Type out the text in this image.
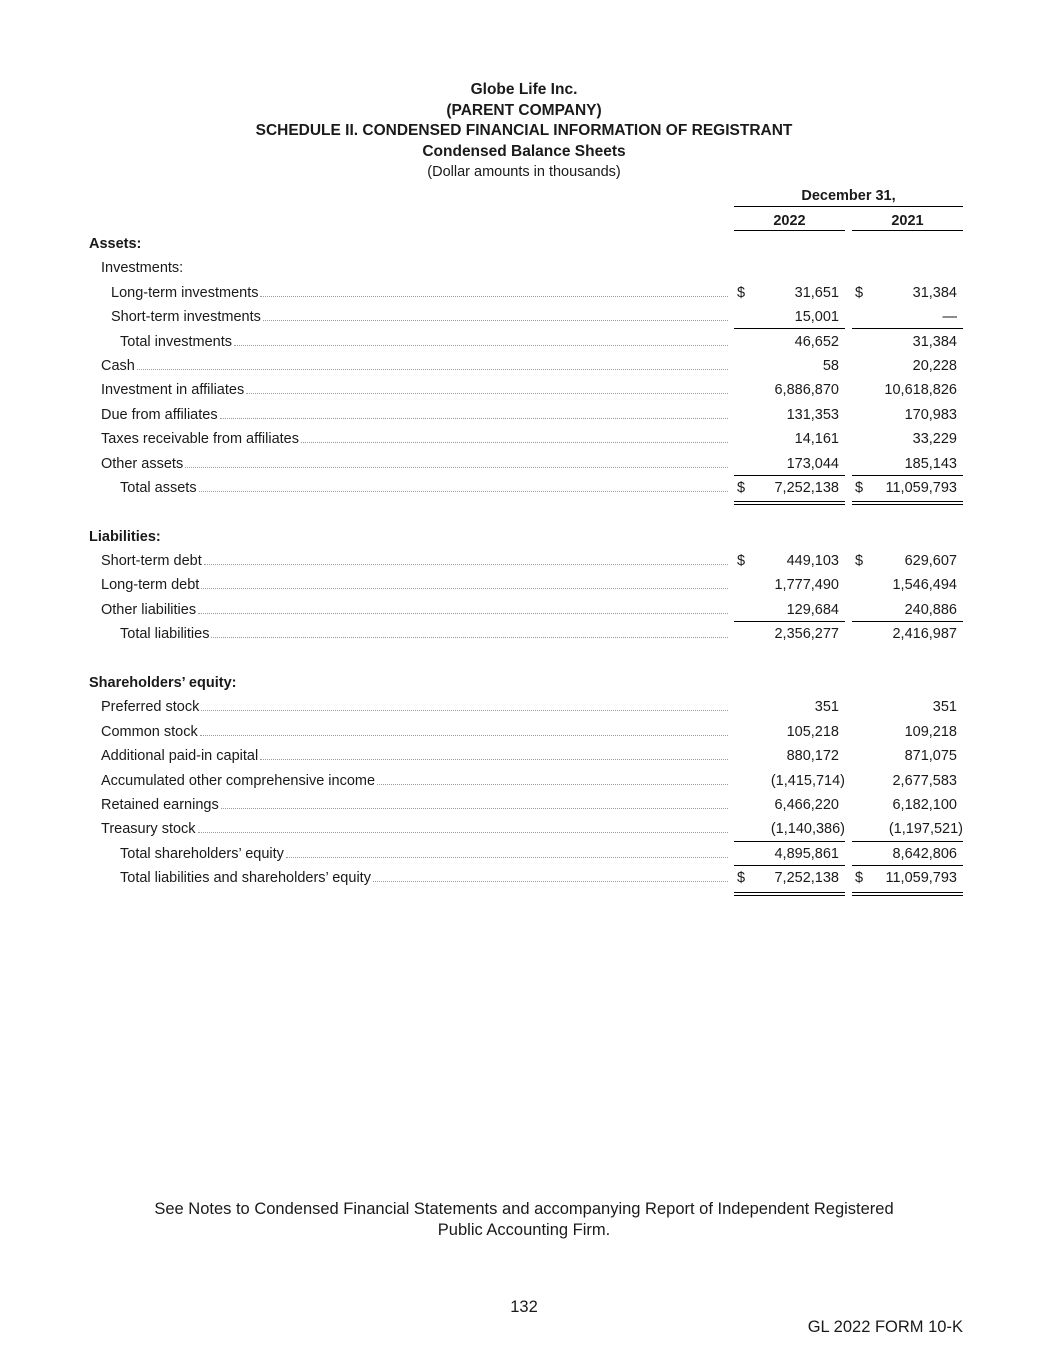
Globe Life Inc.
(PARENT COMPANY)
SCHEDULE II. CONDENSED FINANCIAL INFORMATION OF REGISTRANT
Condensed Balance Sheets
(Dollar amounts in thousands)
December 31,
2022	2021
Assets:
Investments:
Long-term investments	$	31,651 $	31,384
Short-term investments	15,001	—
Total investments	46,652	31,384
Cash	58	20,228
Investment in affiliates	6,886,870	10,618,826
Due from affiliates	131,353	170,983
Taxes receivable from affiliates	14,161	33,229
Other assets	173,044	185,143
Total assets	$ 7,252,138 $ 11,059,793
Liabilities:
Short-term debt	$	449,103 $	629,607
Long-term debt	1,777,490	1,546,494
Other liabilities	129,684	240,886
Total liabilities	2,356,277	2,416,987
Shareholders’ equity:
Preferred stock	351	351
Common stock	105,218	109,218
Additional paid-in capital	880,172	871,075
Accumulated other comprehensive income	(1,415,714)	2,677,583
Retained earnings	6,466,220	6,182,100
Treasury stock	(1,140,386)	(1,197,521)
Total shareholders’ equity	4,895,861	8,642,806
Total liabilities and shareholders’ equity	$ 7,252,138 $ 11,059,793
See Notes to Condensed Financial Statements and accompanying Report of Independent Registered
Public Accounting Firm.
132
GL 2022 FORM 10-K
